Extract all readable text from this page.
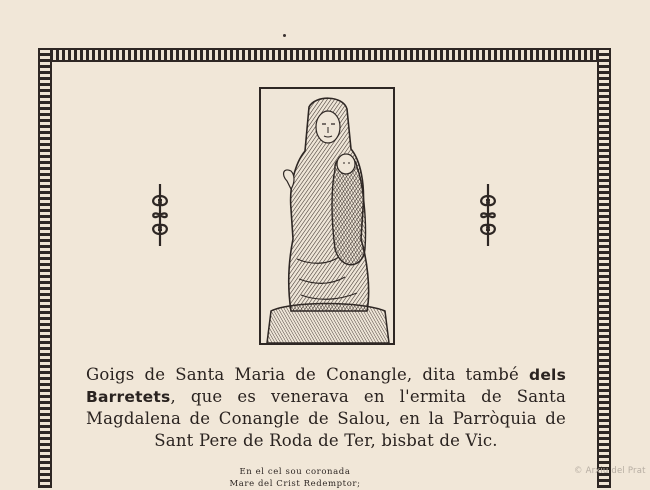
Goigs de Santa Maria de Conangle, dita també dels Barretets, que es venerava en l'ermita de Santa Magdalena de Conangle de Salou, en la Parròquia de Sant Pere de Roda de Ter, bisbat de Vic.
En el cel sou coronada
Mare del Crist Redemptor;
© Arxiu del Prat
